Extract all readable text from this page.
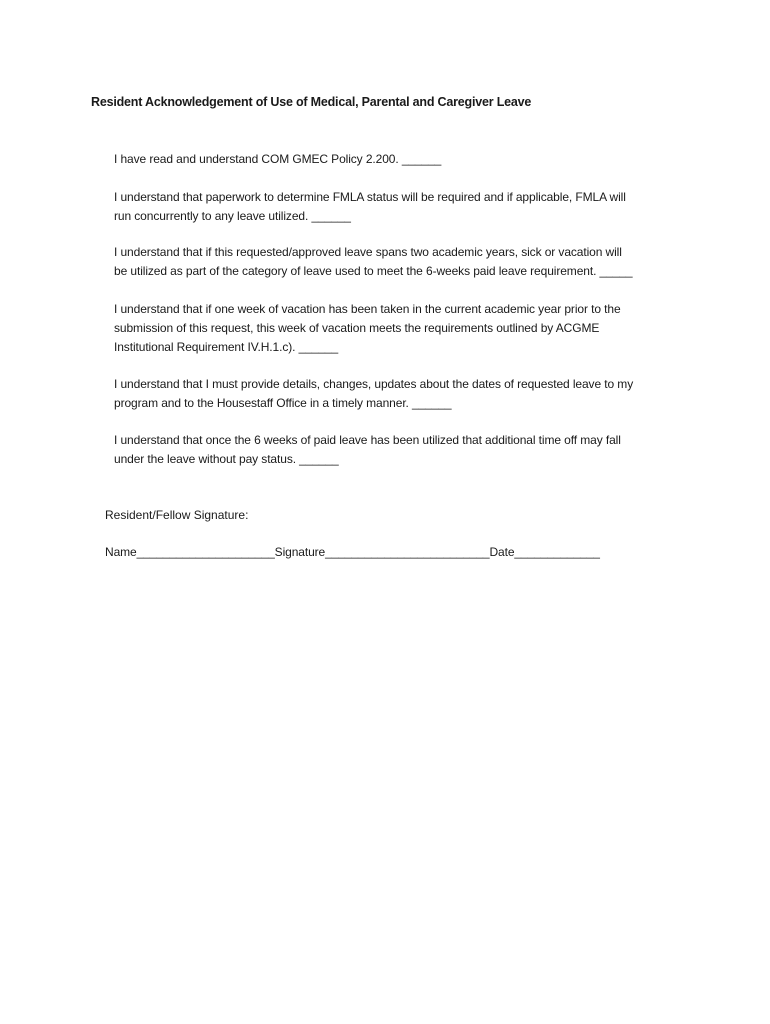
Resident Acknowledgement of Use of Medical, Parental and Caregiver Leave
I have read and understand COM GMEC Policy 2.200. ______
I understand that paperwork to determine FMLA status will be required and if applicable, FMLA will
run concurrently to any leave utilized. ______
I understand that if this requested/approved leave spans two academic years, sick or vacation will
be utilized as part of the category of leave used to meet the 6-weeks paid leave requirement. _____
I understand that if one week of vacation has been taken in the current academic year prior to the
submission of this request, this week of vacation meets the requirements outlined by ACGME
Institutional Requirement IV.H.1.c). ______
I understand that I must provide details, changes, updates about the dates of requested leave to my
program and to the Housestaff Office in a timely manner. ______
I understand that once the 6 weeks of paid leave has been utilized that additional time off may fall
under the leave without pay status. ______
Resident/Fellow Signature:
Name_____________________Signature_________________________Date_____________
